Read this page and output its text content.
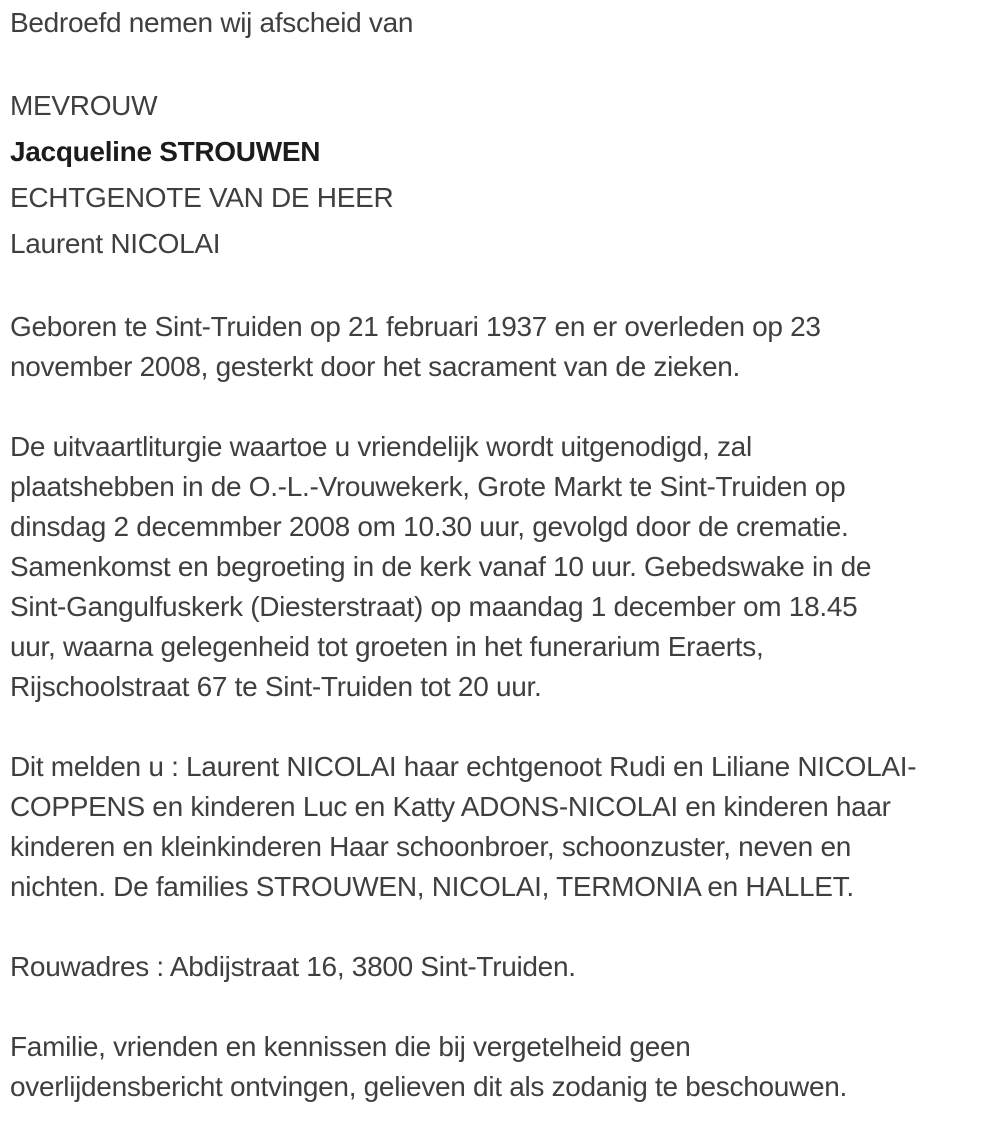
Bedroefd nemen wij afscheid van

MEVROUW

Jacqueline STROUWEN

ECHTGENOTE VAN DE HEER

Laurent NICOLAI

Geboren te Sint-Truiden op 21 februari 1937 en er overleden op 23

november 2008, gesterkt door het sacrament van de zieken.

De uitvaartliturgie waartoe u vriendelijk wordt uitgenodigd, zal

plaatshebben in de O.-L.-Vrouwekerk, Grote Markt te Sint-Truiden op

dinsdag 2 decemmber 2008 om 10.30 uur, gevolgd door de crematie.

Samenkomst en begroeting in de kerk vanaf 10 uur. Gebedswake in de

Sint-Gangulfuskerk (Diesterstraat) op maandag 1 december om 18.45

uur, waarna gelegenheid tot groeten in het funerarium Eraerts,

Rijschoolstraat 67 te Sint-Truiden tot 20 uur.

Dit melden u : Laurent NICOLAI haar echtgenoot Rudi en Liliane NICOLAI-

COPPENS en kinderen Luc en Katty ADONS-NICOLAI en kinderen haar

kinderen en kleinkinderen Haar schoonbroer, schoonzuster, neven en

nichten. De families STROUWEN, NICOLAI, TERMONIA en HALLET.

Rouwadres : Abdijstraat 16, 3800 Sint-Truiden.

Familie, vrienden en kennissen die bij vergetelheid geen

overlijdensbericht ontvingen, gelieven dit als zodanig te beschouwen.
